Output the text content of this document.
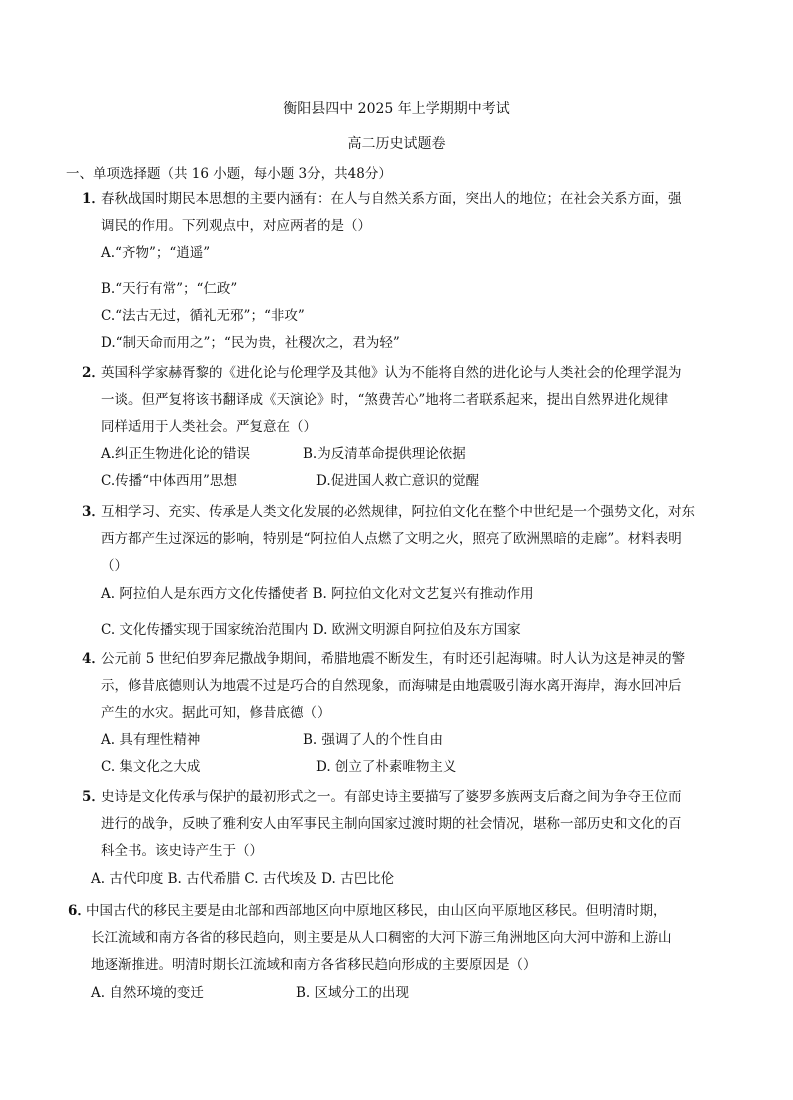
衡阳县四中 2025 年上学期期中考试
高二历史试题卷
一、单项选择题（共 16 小题，每小题 3分，共48分）
1．
春秋战国时期民本思想的主要内涵有：在人与自然关系方面，突出人的地位；在社会关系方面，强
调民的作用。下列观点中，对应两者的是（）
A.“齐物”；“逍遥”
B.“天行有常”；“仁政”
C.“法古无过，循礼无邪”；“非攻”
D.“制天命而用之”；“民为贵，社稷次之，君为轻”
2．
英国科学家赫胥黎的《进化论与伦理学及其他》认为不能将自然的进化论与人类社会的伦理学混为
一谈。但严复将该书翻译成《天演论》时，“煞费苦心”地将二者联系起来，提出自然界进化规律
同样适用于人类社会。严复意在（）
A.纠正生物进化论的错误	B.为反清革命提供理论依据
C.传播“中体西用”思想	D.促进国人救亡意识的觉醒
3．
互相学习、充实、传承是人类文化发展的必然规律，阿拉伯文化在整个中世纪是一个强势文化，对东
西方都产生过深远的影响，特别是“阿拉伯人点燃了文明之火，照亮了欧洲黑暗的走廊”。材料表明
（）
A. 阿拉伯人是东西方文化传播使者 B. 阿拉伯文化对文艺复兴有推动作用
C. 文化传播实现于国家统治范围内 D. 欧洲文明源自阿拉伯及东方国家
4．
公元前 5 世纪伯罗奔尼撒战争期间，希腊地震不断发生，有时还引起海啸。时人认为这是神灵的警
示，修昔底德则认为地震不过是巧合的自然现象，而海啸是由地震吸引海水离开海岸，海水回冲后
产生的水灾。据此可知，修昔底德（）
A. 具有理性精神	B. 强调了人的个性自由
C. 集文化之大成	D. 创立了朴素唯物主义
5．
史诗是文化传承与保护的最初形式之一。有部史诗主要描写了婆罗多族两支后裔之间为争夺王位而
进行的战争，反映了雅利安人由军事民主制向国家过渡时期的社会情况，堪称一部历史和文化的百
科全书。该史诗产生于（）
A. 古代印度 B. 古代希腊 C. 古代埃及 D. 古巴比伦
6．
中国古代的移民主要是由北部和西部地区向中原地区移民，由山区向平原地区移民。但明清时期，
长江流域和南方各省的移民趋向，则主要是从人口稠密的大河下游三角洲地区向大河中游和上游山
地逐渐推进。明清时期长江流域和南方各省移民趋向形成的主要原因是（）
A. 自然环境的变迁	B. 区域分工的出现
